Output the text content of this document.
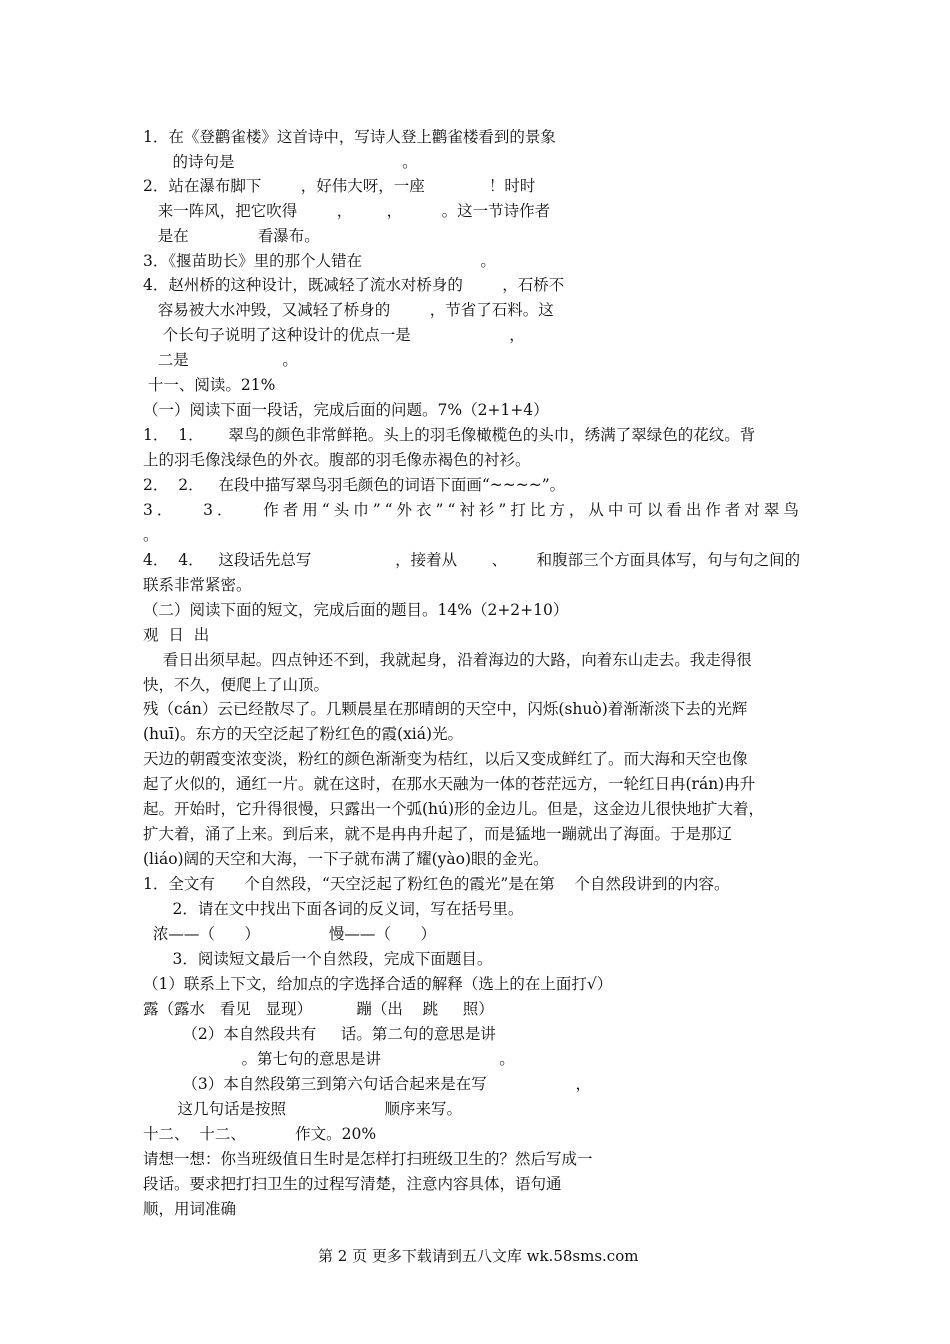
1．在《登鹳雀楼》这首诗中，写诗人登上鹳雀楼看到的景象

的诗句是                                  。

2．站在瀑布脚下        ，好伟大呀，一座             ！时时

来一阵风，把它吹得        ，       ，        。这一节诗作者

是在              看瀑布。

3．《揠苗助长》里的那个人错在                        。

4．赵州桥的这种设计，既减轻了流水对桥身的        ，石桥不

容易被大水冲毁，又减轻了桥身的        ，节省了石料。这

个长句子说明了这种设计的优点一是                    ，

二是                   。

十一、阅读。21%

（一）阅读下面一段话，完成后面的问题。7%（2+1+4）

1．  1．     翠鸟的颜色非常鲜艳。头上的羽毛像橄榄色的头巾，绣满了翠绿色的花纹。背

上的羽毛像浅绿色的外衣。腹部的羽毛像赤褐色的衬衫。

2．  2．   在段中描写翠鸟羽毛颜色的词语下面画“~~~~”。

3．   3．   作者用“头巾”“外衣”“衬衫”打比方，从中可以看出作者对翠鸟

。

4．  4．   这段话先总写                 ，接着从       、      和腹部三个方面具体写，句与句之间的

联系非常紧密。

（二）阅读下面的短文，完成后面的题目。14%（2+2+10）

观  日  出

看日出须早起。四点钟还不到，我就起身，沿着海边的大路，向着东山走去。我走得很

快，不久，便爬上了山顶。

残（cán）云已经散尽了。几颗晨星在那晴朗的天空中，闪烁(shuò)着渐渐淡下去的光辉

(huī)。东方的天空泛起了粉红色的霞(xiá)光。

天边的朝霞变浓变淡，粉红的颜色渐渐变为桔红，以后又变成鲜红了。而大海和天空也像

起了火似的，通红一片。就在这时，在那水天融为一体的苍茫远方，一轮红日冉(rán)冉升

起。开始时，它升得很慢，只露出一个弧(hú)形的金边儿。但是，这金边儿很快地扩大着，

扩大着，涌了上来。到后来，就不是冉冉升起了，而是猛地一蹦就出了海面。于是那辽

(liáo)阔的天空和大海，一下子就布满了耀(yào)眼的金光。

1．全文有      个自然段，“天空泛起了粉红色的霞光”是在第    个自然段讲到的内容。

2．请在文中找出下面各词的反义词，写在括号里。

浓——（      ）              慢——（      ）

3．阅读短文最后一个自然段，完成下面题目。

（1）联系上下文，给加点的字选择合适的解释（选上的在上面打√）

露（露水   看见   显现）         蹦（出    跳     照）

（2）本自然段共有     话。第二句的意思是讲

。第七句的意思是讲                        。

（3）本自然段第三到第六句话合起来是在写                  ，

这几句话是按照                    顺序来写。

十二、  十二、          作文。20%

请想一想：你当班级值日生时是怎样打扫班级卫生的？然后写成一

段话。要求把打扫卫生的过程写清楚，注意内容具体，语句通

顺，用词准确

第 2 页 更多下载请到五八文库 wk.58sms.com
